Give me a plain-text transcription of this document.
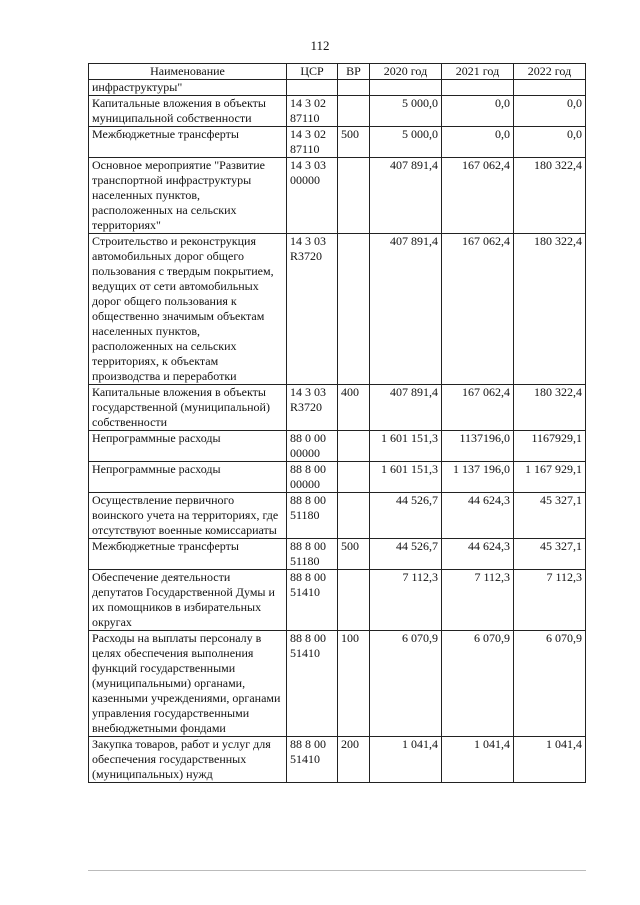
112
Наименование	ЦСР	ВР	2020 год	2021 год	2022 год
инфраструктуры"	

Капитальные вложения в объекты муниципальной собственности	14 3 02
87110		5 000,0	0,0	0,0
Межбюджетные трансферты	14 3 02
87110	500	5 000,0	0,0	0,0
Основное мероприятие "Развитие транспортной инфраструктуры населенных пунктов, расположенных на сельских территориях"	14 3 03
00000		407 891,4	167 062,4	180 322,4
Строительство и реконструкция автомобильных дорог общего пользования с твердым покрытием, ведущих от сети автомобильных дорог общего пользования к общественно значимым объектам населенных пунктов, расположенных на сельских территориях, к объектам производства и переработки	14 3 03
R3720		407 891,4	167 062,4	180 322,4
Капитальные вложения в объекты государственной (муниципальной) собственности	14 3 03
R3720	400	407 891,4	167 062,4	180 322,4
Непрограммные расходы	88 0 00
00000		1 601 151,3	1137196,0	1167929,1
Непрограммные расходы	88 8 00
00000		1 601 151,3	1 137 196,0	1 167 929,1
Осуществление первичного воинского учета на территориях, где отсутствуют военные комиссариаты	88 8 00
51180		44 526,7	44 624,3	45 327,1
Межбюджетные трансферты	88 8 00
51180	500	44 526,7	44 624,3	45 327,1
Обеспечение деятельности депутатов Государственной Думы и их помощников в избирательных округах	88 8 00
51410		7 112,3	7 112,3	7 112,3
Расходы на выплаты персоналу в целях обеспечения выполнения функций государственными (муниципальными) органами, казенными учреждениями, органами управления государственными внебюджетными фондами	88 8 00
51410	100	6 070,9	6 070,9	6 070,9
Закупка товаров, работ и услуг для обеспечения государственных (муниципальных) нужд	88 8 00
51410	200	1 041,4	1 041,4	1 041,4
